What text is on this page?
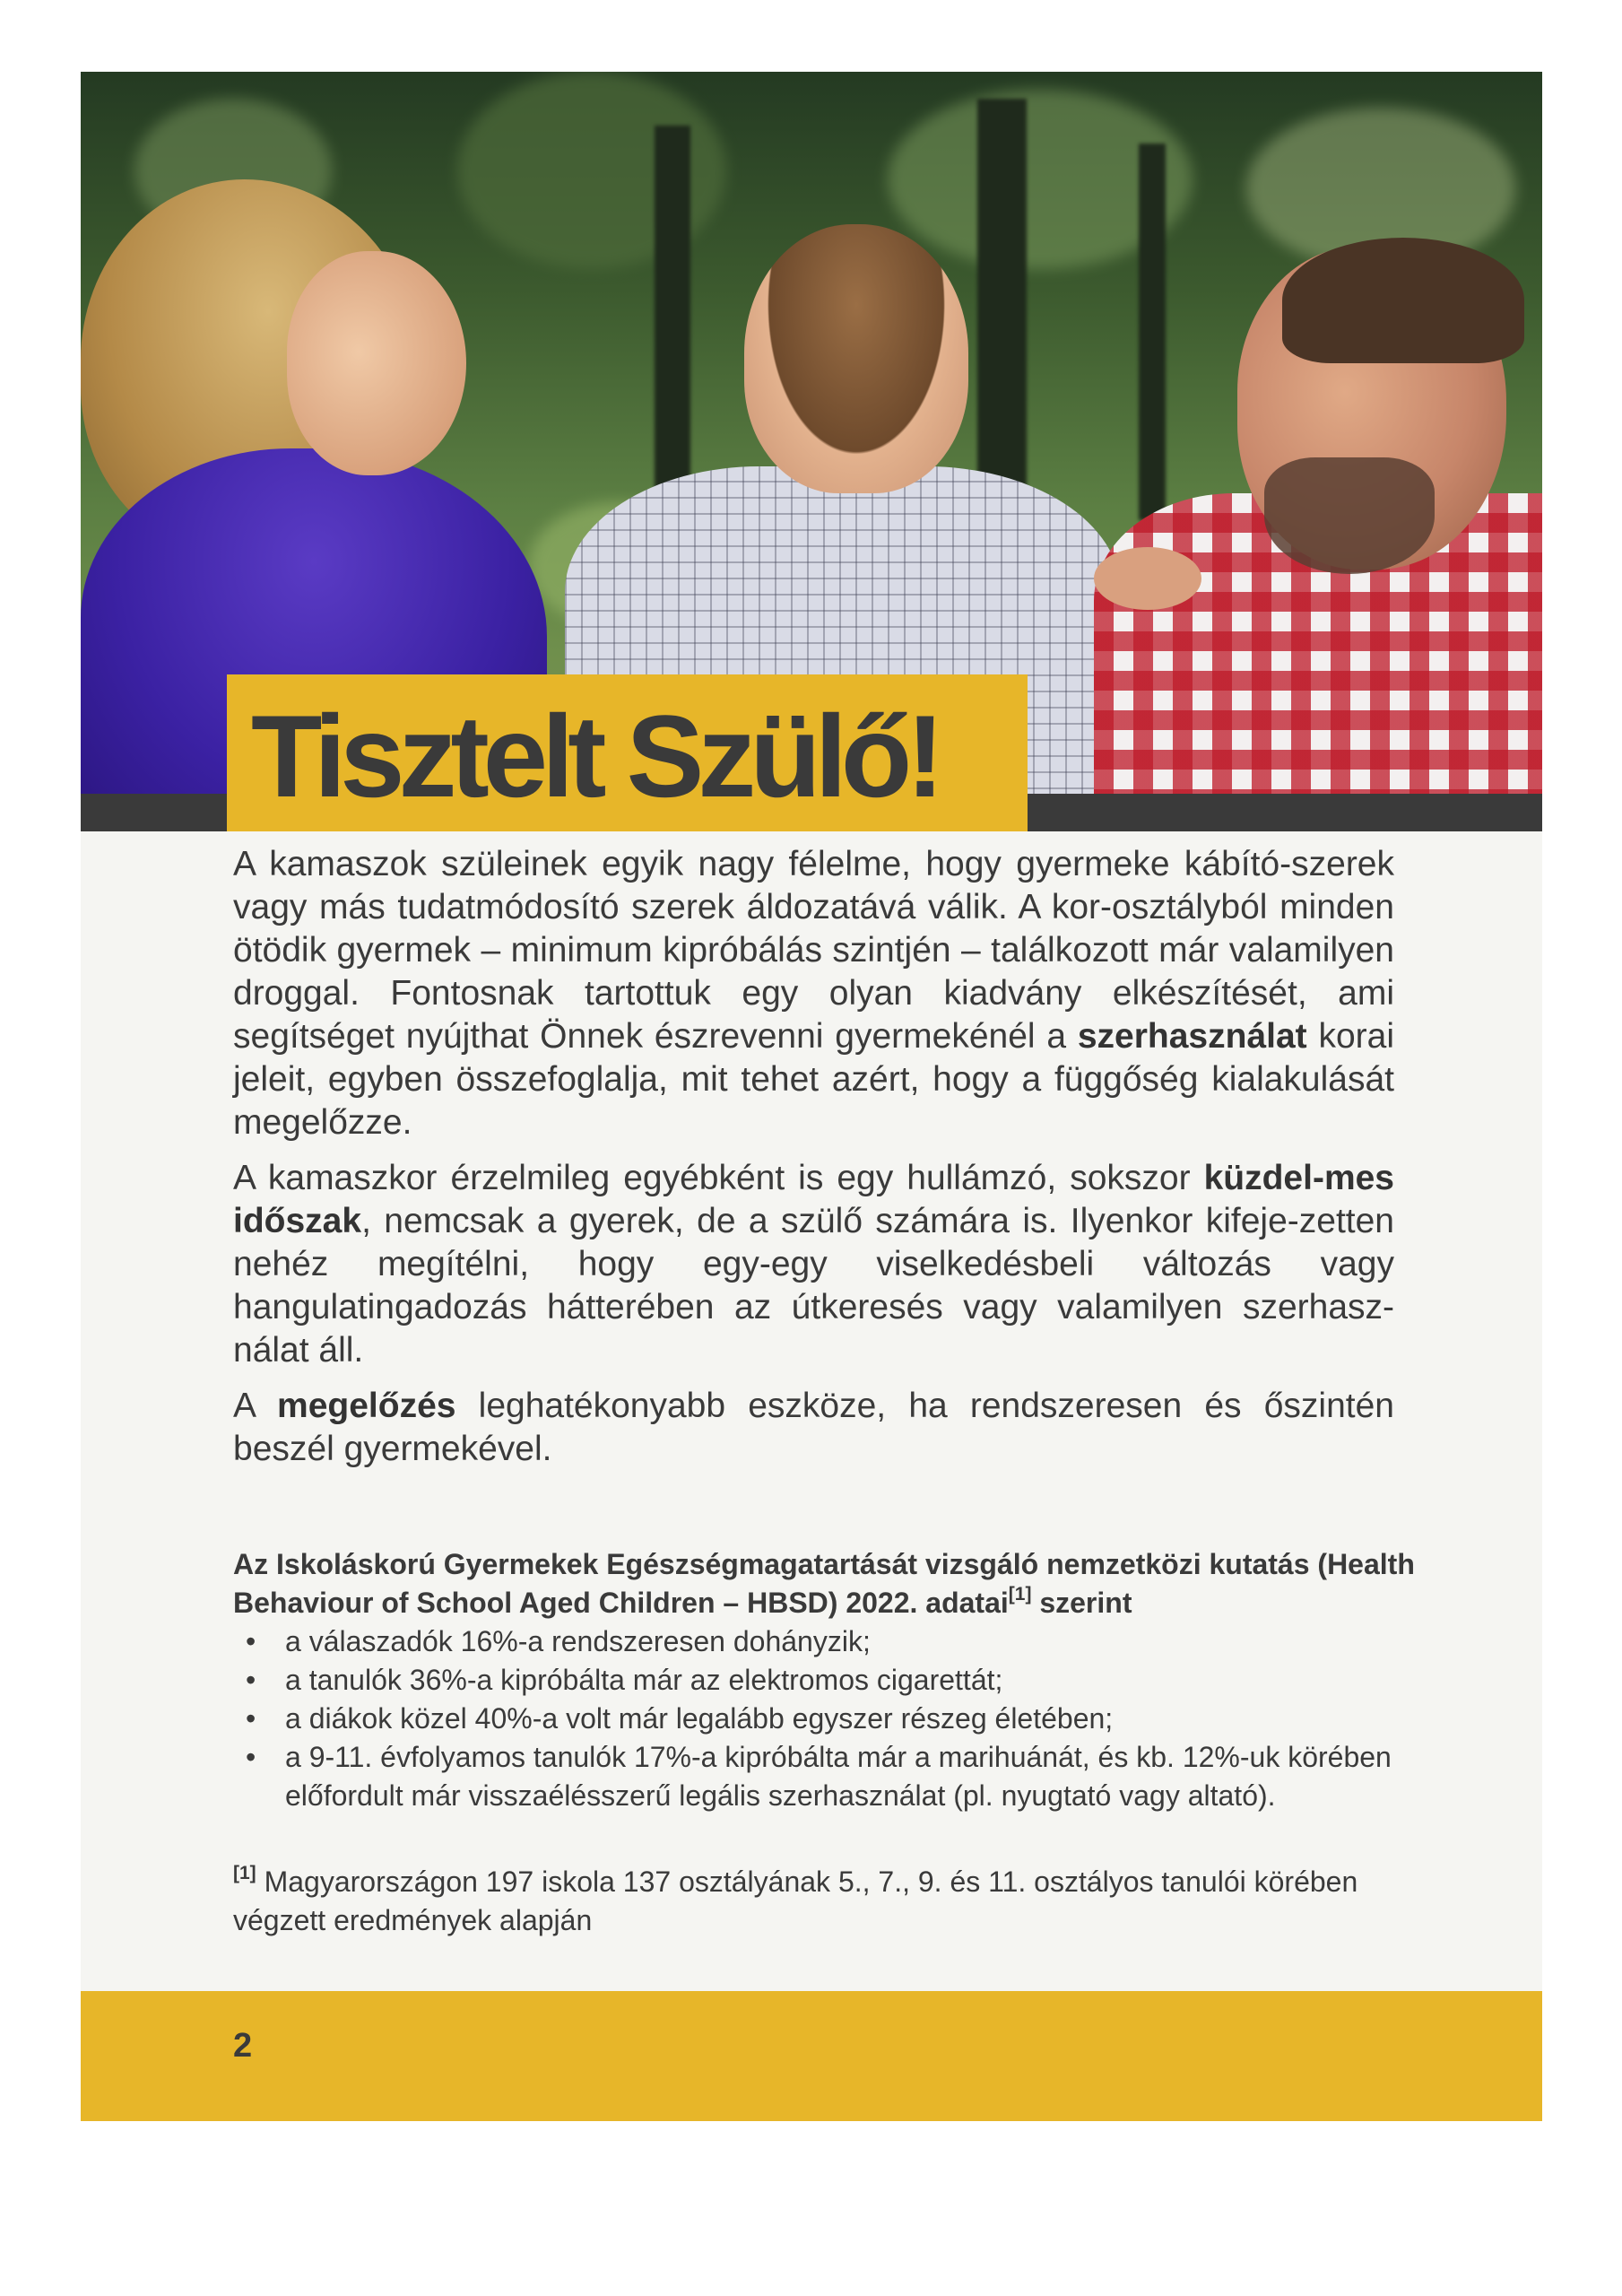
Tisztelt Szülő!

A kamaszok szüleinek egyik nagy félelme, hogy gyermeke kábító-szerek vagy más tudatmódosító szerek áldozatává válik. A kor-osztályból minden ötödik gyermek – minimum kipróbálás szintjén – találkozott már valamilyen droggal. Fontosnak tartottuk egy olyan kiadvány elkészítését, ami segítséget nyújthat Önnek észrevenni gyermekénél a szerhasználat korai jeleit, egyben összefoglalja, mit tehet azért, hogy a függőség kialakulását megelőzze.

A kamaszkor érzelmileg egyébként is egy hullámzó, sokszor küzdel-mes időszak, nemcsak a gyerek, de a szülő számára is. Ilyenkor kifeje-zetten nehéz megítélni, hogy egy-egy viselkedésbeli változás vagy hangulatingadozás hátterében az útkeresés vagy valamilyen szerhasz-nálat áll.

A megelőzés leghatékonyabb eszköze, ha rendszeresen és őszintén beszél gyermekével.

Az Iskoláskorú Gyermekek Egészségmagatartását vizsgáló nemzetközi kutatás (Health Behaviour of School Aged Children – HBSD) 2022. adatai[1] szerint

• a válaszadók 16%-a rendszeresen dohányzik;
• a tanulók 36%-a kipróbálta már az elektromos cigarettát;
• a diákok közel 40%-a volt már legalább egyszer részeg életében;
• a 9-11. évfolyamos tanulók 17%-a kipróbálta már a marihuánát, és kb. 12%-uk körében előfordult már visszaélésszerű legális szerhasználat (pl. nyugtató vagy altató).

[1] Magyarországon 197 iskola 137 osztályának 5., 7., 9. és 11. osztályos tanulói körében végzett eredmények alapján

2
